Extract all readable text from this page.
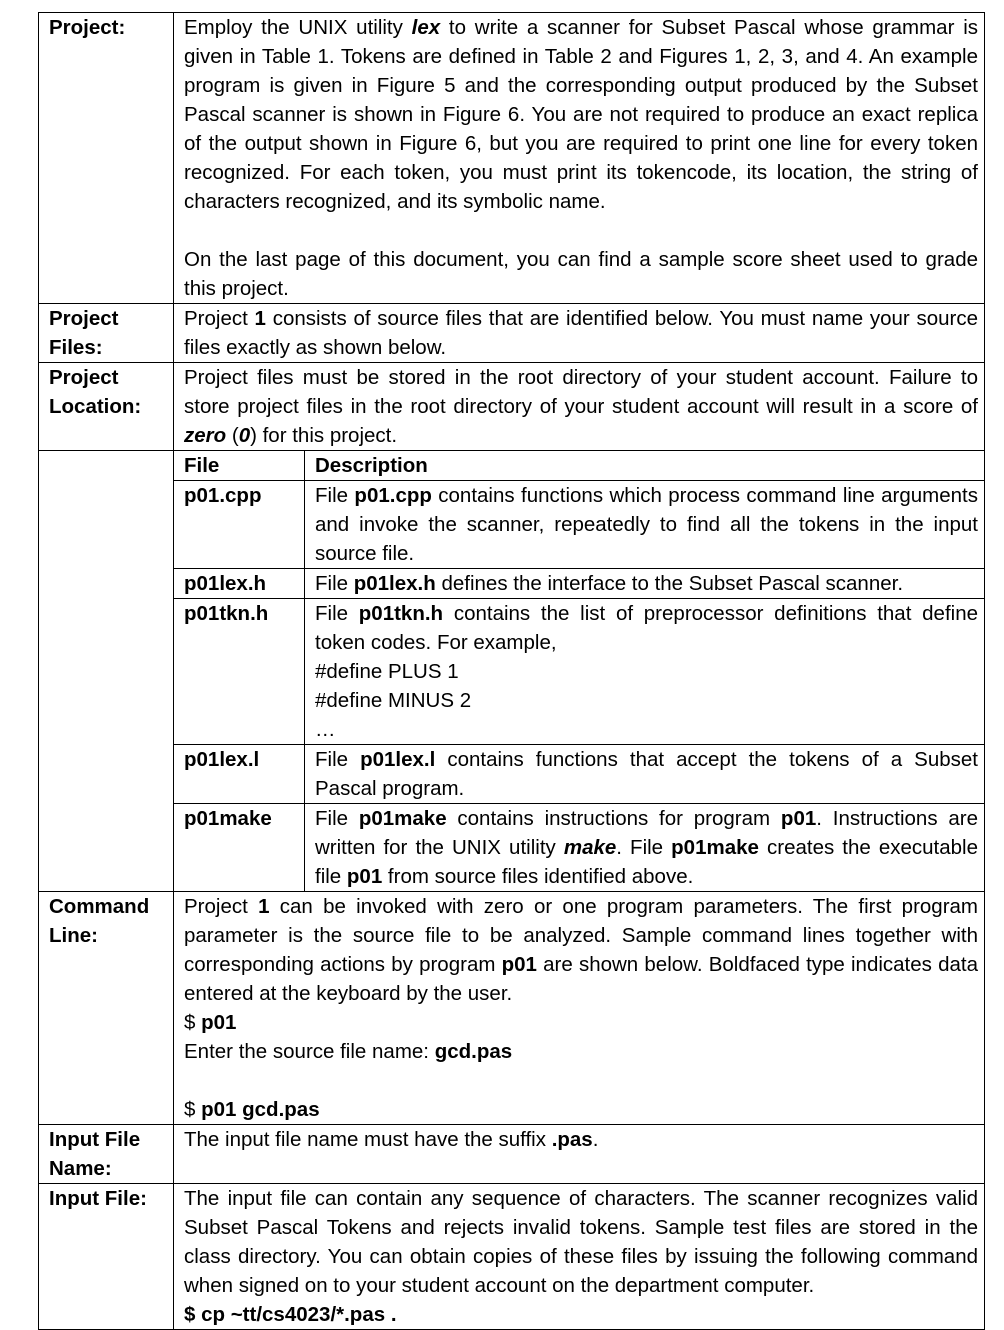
Project:	Employ the UNIX utility lex to write a scanner for Subset Pascal whose grammar is given in Table 1. Tokens are defined in Table 2 and Figures 1, 2, 3, and 4. An example program is given in Figure 5 and the corresponding output produced by the Subset Pascal scanner is shown in Figure 6. You are not required to produce an exact replica of the output shown in Figure 6, but you are required to print one line for every token recognized. For each token, you must print its tokencode, its location, the string of characters recognized, and its symbolic name.

On the last page of this document, you can find a sample score sheet used to grade this project.

Project Files:	Project 1 consists of source files that are identified below. You must name your source files exactly as shown below.
Project Location:	Project files must be stored in the root directory of your student account. Failure to store project files in the root directory of your student account will result in a score of zero (0) for this project.

File	Description
p01.cpp	File p01.cpp contains functions which process command line arguments and invoke the scanner, repeatedly to find all the tokens in the input source file.

p01lex.h	File p01lex.h defines the interface to the Subset Pascal scanner.

p01tkn.h	File p01tkn.h contains the list of preprocessor definitions that define token codes. For example,
#define PLUS 1
#define MINUS 2
…

p01lex.l	File p01lex.l contains functions that accept the tokens of a Subset Pascal program.

p01make	File p01make contains instructions for program p01. Instructions are written for the UNIX utility make. File p01make creates the executable file p01 from source files identified above.

Command Line:	

Project 1 can be invoked with zero or one program parameters. The first program parameter is the source file to be analyzed. Sample command lines together with corresponding actions by program p01 are shown below. Boldfaced type indicates data entered at the keyboard by the user.

$ p01

Enter the source file name: gcd.pas

$ p01 gcd.pas

Input File Name:	The input file name must have the suffix .pas.
Input File:	The input file can contain any sequence of characters. The scanner recognizes valid Subset Pascal Tokens and rejects invalid tokens. Sample test files are stored in the class directory. You can obtain copies of these files by issuing the following command when signed on to your student account on the department computer.

$ cp ~tt/cs4023/*.pas .
